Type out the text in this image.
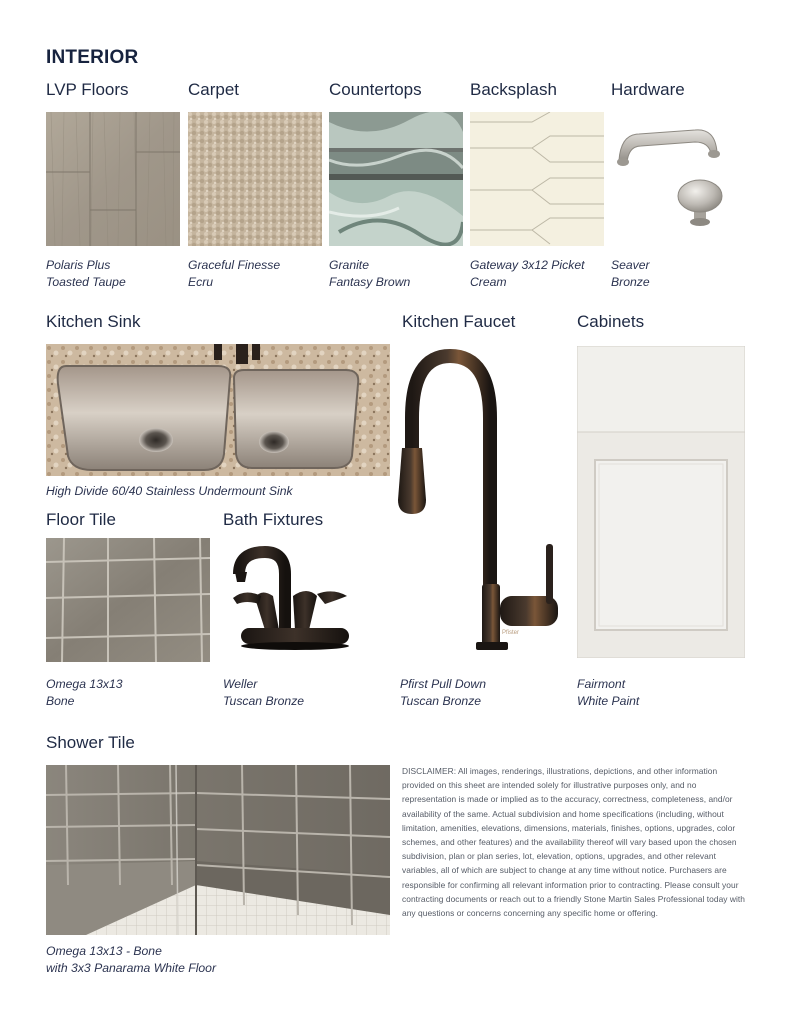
INTERIOR
LVP Floors	Carpet	Countertops	Backsplash	Hardware
Polaris Plus
Toasted Taupe
Graceful Finesse
Ecru
Granite
Fantasy Brown
Gateway 3x12 Picket
Cream
Seaver
Bronze
Kitchen Sink	Kitchen Faucet	Cabinets
High Divide 60/40 Stainless Undermount Sink
Pfister
Floor Tile	Bath Fixtures
Omega 13x13
Bone
Weller
Tuscan Bronze
Pfirst Pull Down
Tuscan Bronze
Fairmont
White Paint
Shower Tile
Omega 13x13 - Bone
with 3x3 Panarama White Floor
DISCLAIMER: All images, renderings, illustrations, depictions, and other information provided on this sheet are intended solely for illustrative purposes only, and no representation is made or implied as to the accuracy, correctness, completeness, and/or availability of the same. Actual subdivision and home specifications (including, without limitation, amenities, elevations, dimensions, materials, finishes, options, upgrades, color schemes, and other features) and the availability thereof will vary based upon the chosen subdivision, plan or plan series, lot, elevation, options, upgrades, and other relevant variables, all of which are subject to change at any time without notice. Purchasers are responsible for confirming all relevant information prior to contracting. Please consult your contracting documents or reach out to a friendly Stone Martin Sales Professional today with any questions or concerns concerning any specific home or offering.
